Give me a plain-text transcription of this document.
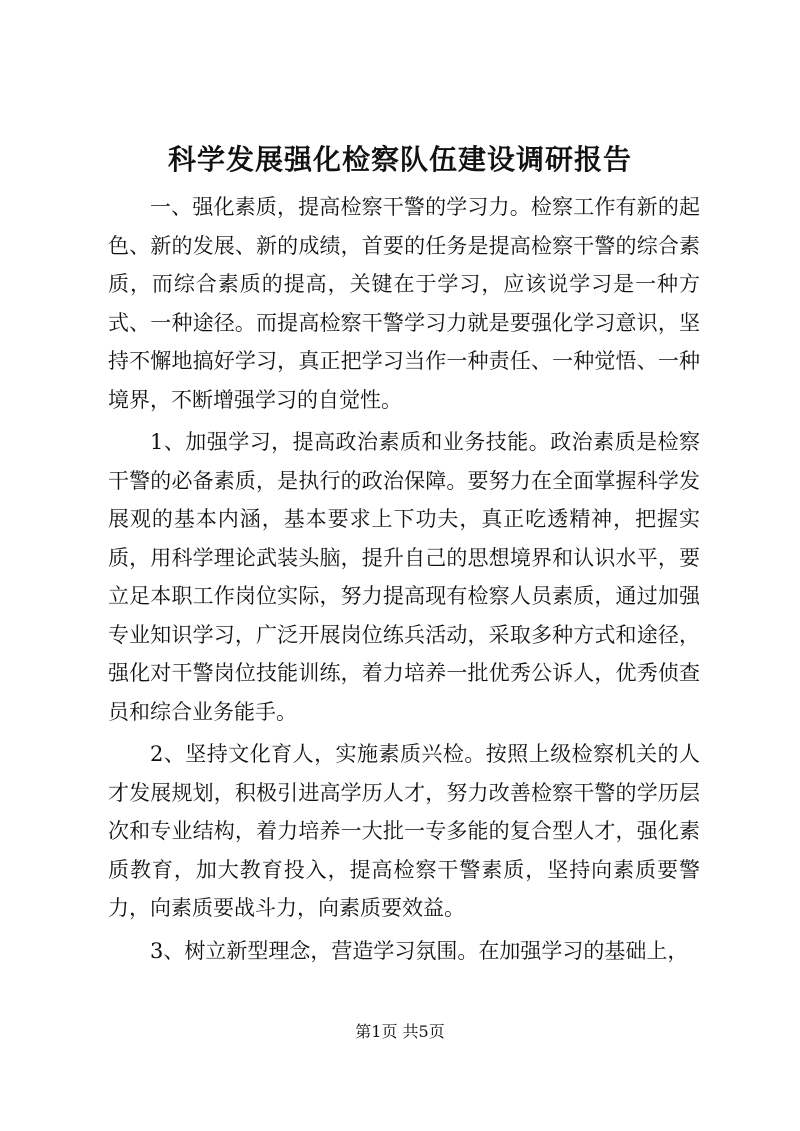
科学发展强化检察队伍建设调研报告

一、强化素质，提高检察干警的学习力。检察工作有新的起色、新的发展、新的成绩，首要的任务是提高检察干警的综合素质，而综合素质的提高，关键在于学习，应该说学习是一种方式、一种途径。而提高检察干警学习力就是要强化学习意识，坚持不懈地搞好学习，真正把学习当作一种责任、一种觉悟、一种境界，不断增强学习的自觉性。

1、加强学习，提高政治素质和业务技能。政治素质是检察干警的必备素质，是执行的政治保障。要努力在全面掌握科学发展观的基本内涵，基本要求上下功夫，真正吃透精神，把握实质，用科学理论武装头脑，提升自己的思想境界和认识水平，要立足本职工作岗位实际，努力提高现有检察人员素质，通过加强专业知识学习，广泛开展岗位练兵活动，采取多种方式和途径，强化对干警岗位技能训练，着力培养一批优秀公诉人，优秀侦查员和综合业务能手。

2、坚持文化育人，实施素质兴检。按照上级检察机关的人才发展规划，积极引进高学历人才，努力改善检察干警的学历层次和专业结构，着力培养一大批一专多能的复合型人才，强化素质教育，加大教育投入，提高检察干警素质，坚持向素质要警力，向素质要战斗力，向素质要效益。

3、树立新型理念，营造学习氛围。在加强学习的基础上，

第1页 共5页
